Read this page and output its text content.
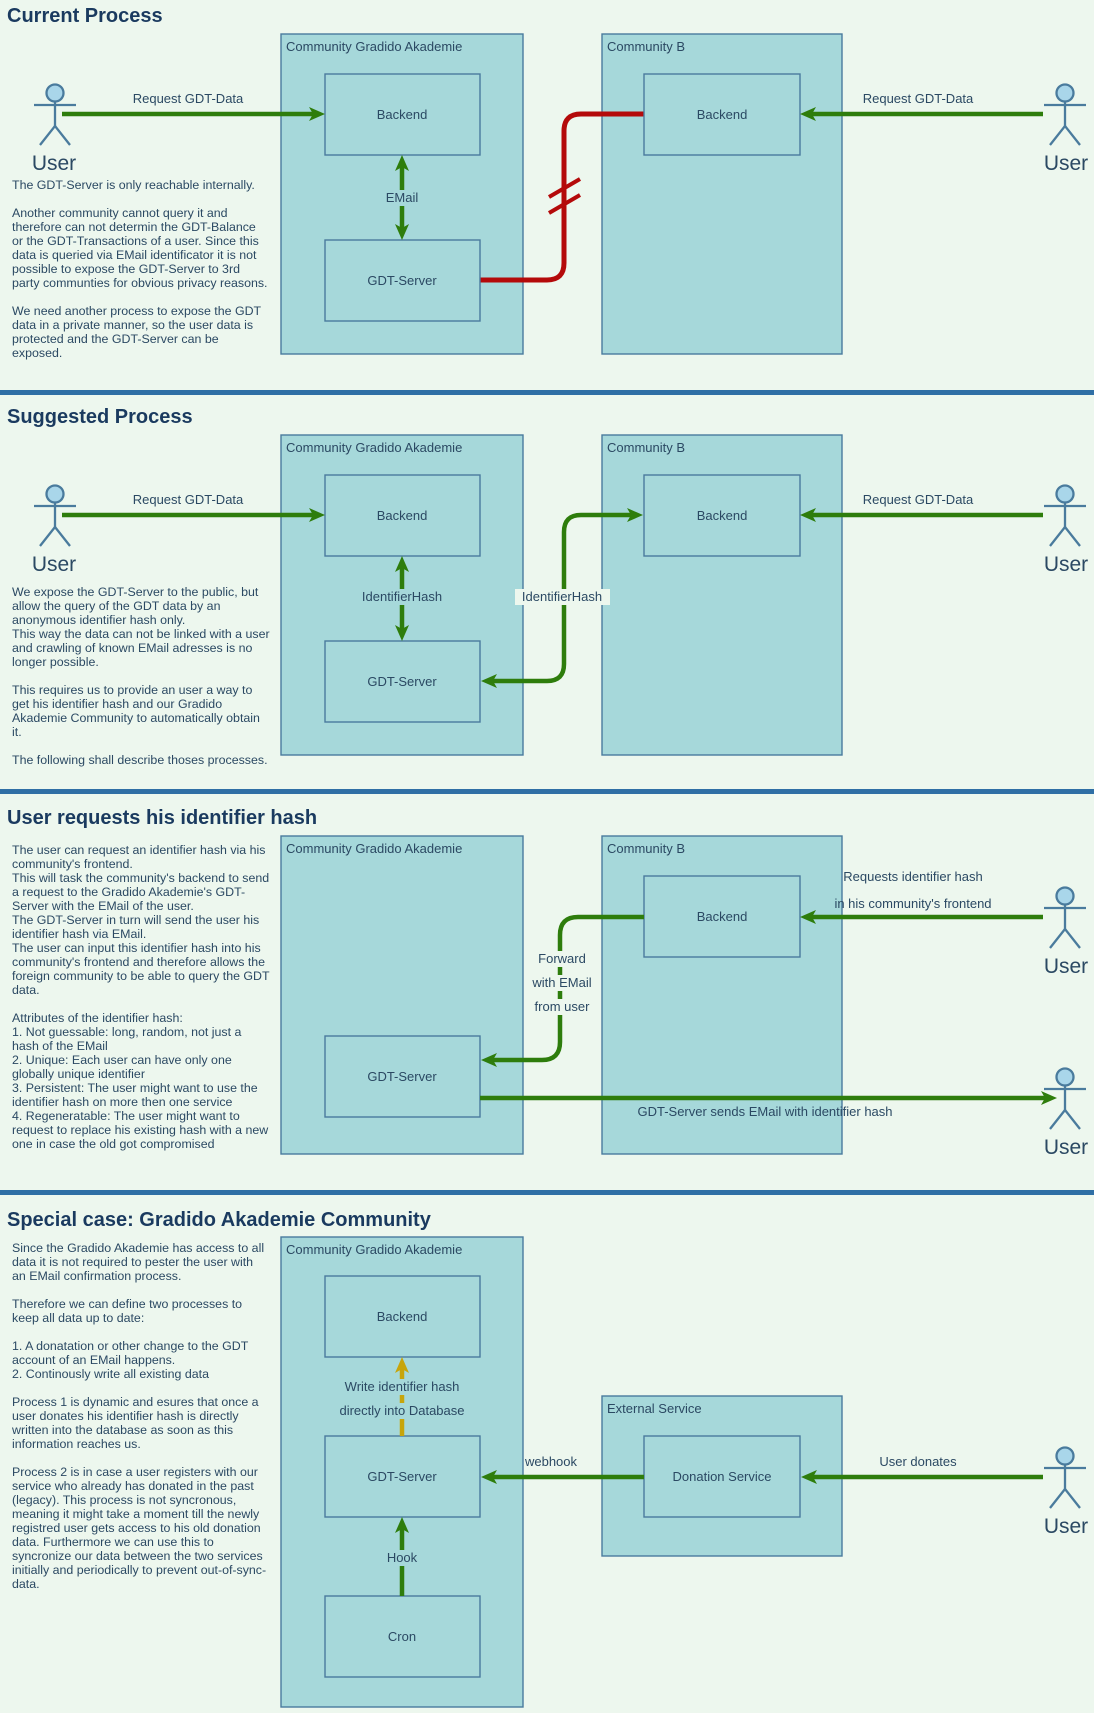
Community Gradido Akademie	Community B
Backend
GDT-Server
Backend
EMail
Request GDT-Data	Request GDT-Data
User	User
Community Gradido Akademie	Community B
Backend
GDT-Server
Backend
IdentifierHash	IdentifierHash
Request GDT-Data	Request GDT-Data
User	User
Community Gradido Akademie	Community B
Backend
GDT-Server
Requests identifier hash
in his community's frontend
Forward
with EMail
from user
GDT-Server sends EMail with identifier hash
User
User
Community Gradido Akademie
External Service
Backend
GDT-Server
Cron
Donation Service
Write identifier hash
directly into Database
Hook
webhook	User donates
User
Current Process
Suggested Process
User requests his identifier hash
Special case: Gradido Akademie Community

The GDT-Server is only reachable internally.

Another community cannot query it and therefore can not determin the GDT-Balance or the GDT-Transactions of a user. Since this data is queried via EMail identificator it is not possible to expose the GDT-Server to 3rd party communties for obvious privacy reasons.

We need another process to expose the GDT data in a private manner, so the user data is protected and the GDT-Server can be exposed.

We expose the GDT-Server to the public, but allow the query of the GDT data by an anonymous identifier hash only.

This way the data can not be linked with a user and crawling of known EMail adresses is no longer possible.

This requires us to provide an user a way to get his identifier hash and our Gradido Akademie Community to automatically obtain it.

The following shall describe thoses processes.

The user can request an identifier hash via his community's frontend.

This will task the community's backend to send a request to the Gradido Akademie's GDT-Server with the EMail of the user.

The GDT-Server in turn will send the user his identifier hash via EMail.

The user can input this identifier hash into his community's frontend and therefore allows the foreign community to be able to query the GDT data.

Attributes of the identifier hash:

1. Not guessable: long, random, not just a hash of the EMail

2. Unique: Each user can have only one globally unique identifier

3. Persistent: The user might want to use the identifier hash on more then one service

4. Regeneratable: The user might want to request to replace his existing hash with a new one in case the old got compromised

Since the Gradido Akademie has access to all data it is not required to pester the user with an EMail confirmation process.

Therefore we can define two processes to keep all data up to date:

1. A donatation or other change to the GDT account of an EMail happens.

2. Continously write all existing data

Process 1 is dynamic and esures that once a user donates his identifier hash is directly written into the database as soon as this information reaches us.

Process 2 is in case a user registers with our service who already has donated in the past (legacy). This process is not syncronous, meaning it might take a moment till the newly registred user gets access to his old donation data. Furthermore we can use this to syncronize our data between the two services initially and periodically to prevent out-of-sync-data.
